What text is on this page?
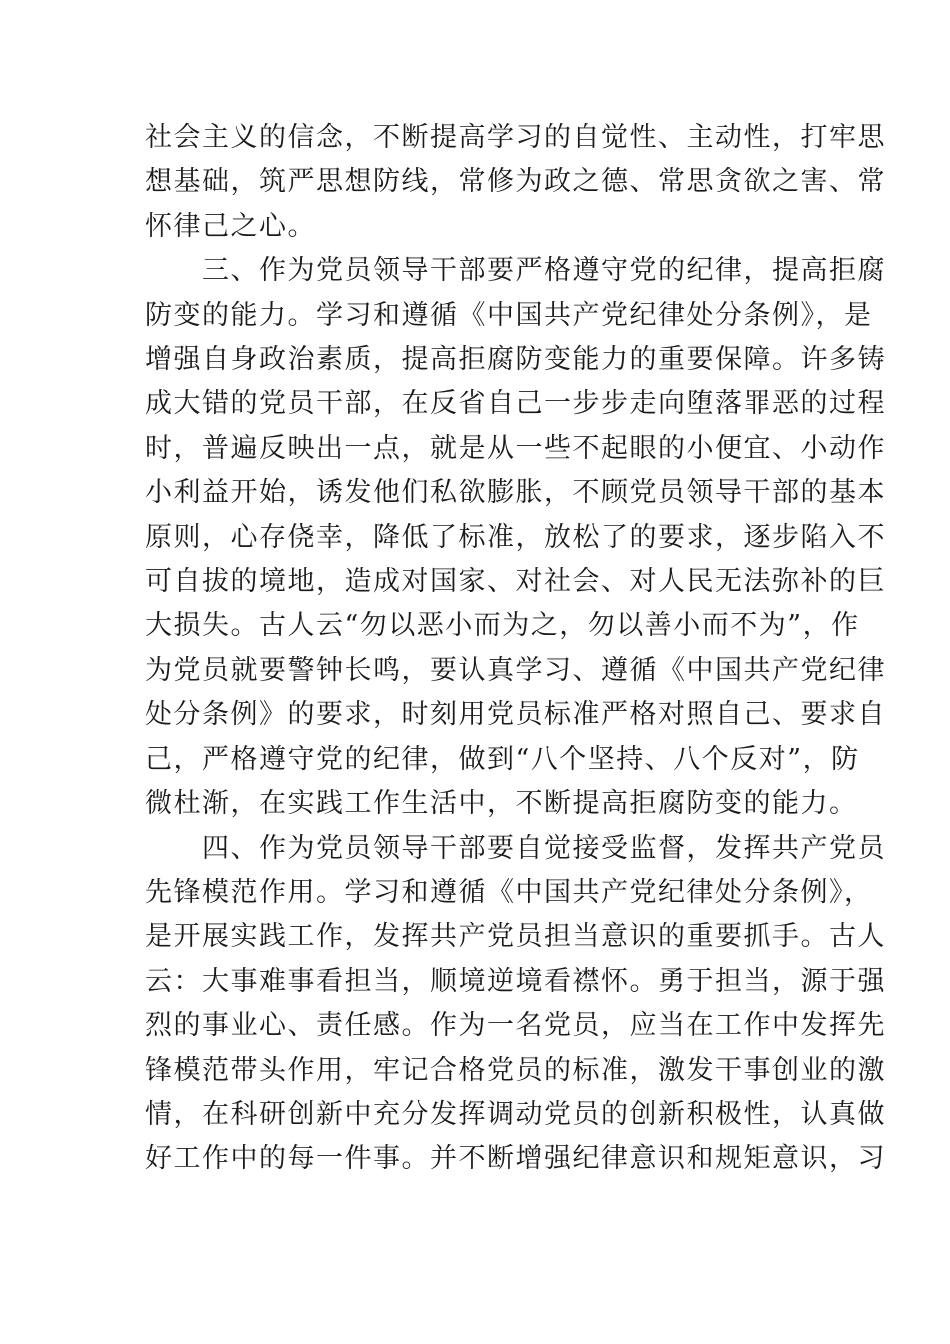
社会主义的信念，不断提高学习的自觉性、主动性，打牢思
想基础，筑严思想防线，常修为政之德、常思贪欲之害、常
怀律己之心。

三、作为党员领导干部要严格遵守党的纪律，提高拒腐
防变的能力。学习和遵循《中国共产党纪律处分条例》，是
增强自身政治素质，提高拒腐防变能力的重要保障。许多铸
成大错的党员干部，在反省自己一步步走向堕落罪恶的过程
时，普遍反映出一点，就是从一些不起眼的小便宜、小动作
小利益开始，诱发他们私欲膨胀，不顾党员领导干部的基本
原则，心存侥幸，降低了标准，放松了的要求，逐步陷入不
可自拔的境地，造成对国家、对社会、对人民无法弥补的巨
大损失。古人云“勿以恶小而为之，勿以善小而不为”，作
为党员就要警钟长鸣，要认真学习、遵循《中国共产党纪律
处分条例》的要求，时刻用党员标准严格对照自己、要求自
己，严格遵守党的纪律，做到“八个坚持、八个反对”，防
微杜渐，在实践工作生活中，不断提高拒腐防变的能力。

四、作为党员领导干部要自觉接受监督，发挥共产党员
先锋模范作用。学习和遵循《中国共产党纪律处分条例》，
是开展实践工作，发挥共产党员担当意识的重要抓手。古人
云：大事难事看担当，顺境逆境看襟怀。勇于担当，源于强
烈的事业心、责任感。作为一名党员，应当在工作中发挥先
锋模范带头作用，牢记合格党员的标准，激发干事创业的激
情，在科研创新中充分发挥调动党员的创新积极性，认真做
好工作中的每一件事。并不断增强纪律意识和规矩意识，习
